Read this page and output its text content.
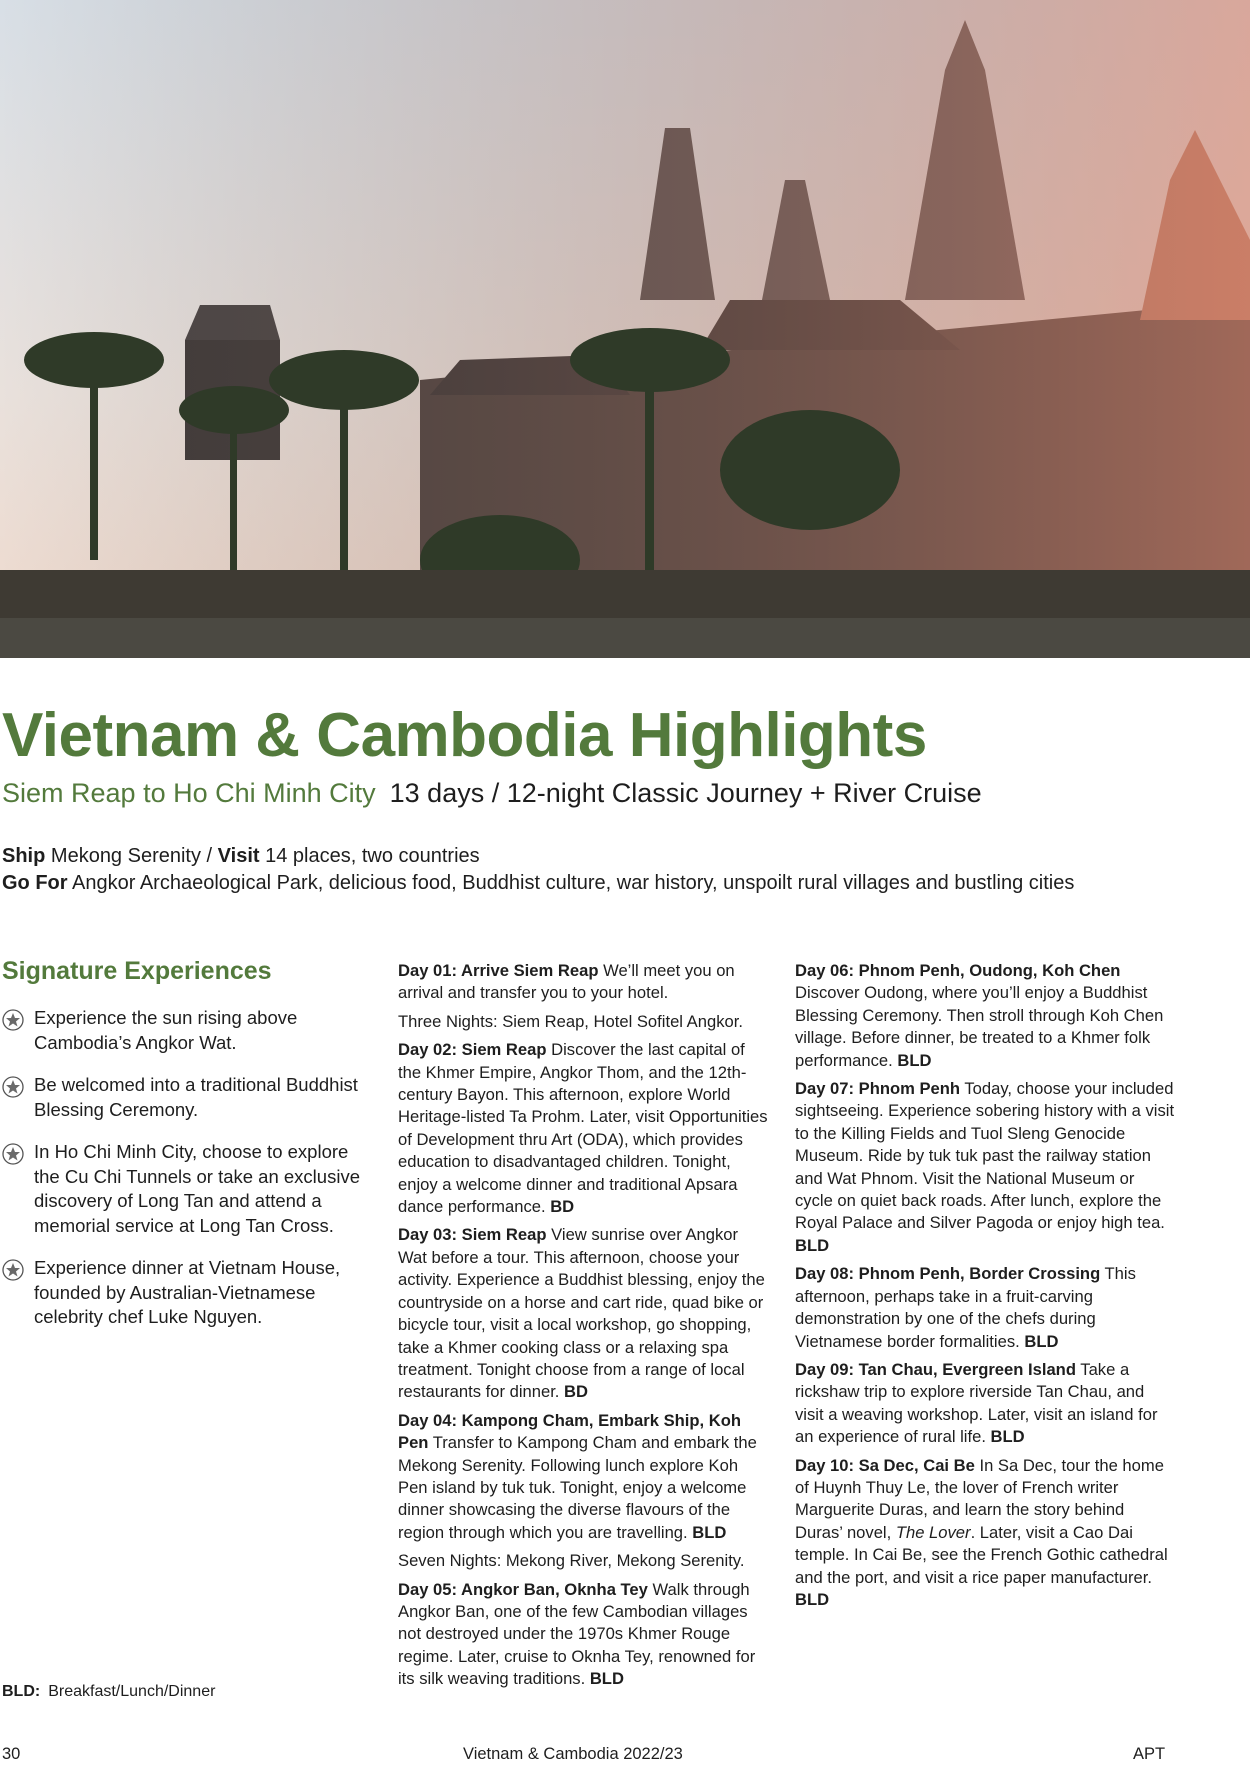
Vietnam & Cambodia Highlights
Siem Reap to Ho Chi Minh City 13 days / 12-night Classic Journey + River Cruise
Ship Mekong Serenity / Visit 14 places, two countries
Go For Angkor Archaeological Park, delicious food, Buddhist culture, war history, unspoilt rural villages and bustling cities
Signature Experiences
Experience the sun rising above Cambodia’s Angkor Wat.
Be welcomed into a traditional Buddhist Blessing Ceremony.
In Ho Chi Minh City, choose to explore the Cu Chi Tunnels or take an exclusive discovery of Long Tan and attend a memorial service at Long Tan Cross.
Experience dinner at Vietnam House, founded by Australian-Vietnamese celebrity chef Luke Nguyen.

Day 01: Arrive Siem Reap We’ll meet you on arrival and transfer you to your hotel.

Three Nights: Siem Reap, Hotel Sofitel Angkor.

Day 02: Siem Reap Discover the last capital of the Khmer Empire, Angkor Thom, and the 12th-century Bayon. This afternoon, explore World Heritage-listed Ta Prohm. Later, visit Opportunities of Development thru Art (ODA), which provides education to disadvantaged children. Tonight, enjoy a welcome dinner and traditional Apsara dance performance. BD

Day 03: Siem Reap View sunrise over Angkor Wat before a tour. This afternoon, choose your activity. Experience a Buddhist blessing, enjoy the countryside on a horse and cart ride, quad bike or bicycle tour, visit a local workshop, go shopping, take a Khmer cooking class or a relaxing spa treatment. Tonight choose from a range of local restaurants for dinner. BD

Day 04: Kampong Cham, Embark Ship, Koh Pen Transfer to Kampong Cham and embark the Mekong Serenity. Following lunch explore Koh Pen island by tuk tuk. Tonight, enjoy a welcome dinner showcasing the diverse flavours of the region through which you are travelling. BLD

Seven Nights: Mekong River, Mekong Serenity.

Day 05: Angkor Ban, Oknha Tey Walk through Angkor Ban, one of the few Cambodian villages not destroyed under the 1970s Khmer Rouge regime. Later, cruise to Oknha Tey, renowned for its silk weaving traditions. BLD

Day 06: Phnom Penh, Oudong, Koh Chen Discover Oudong, where you’ll enjoy a Buddhist Blessing Ceremony. Then stroll through Koh Chen village. Before dinner, be treated to a Khmer folk performance. BLD

Day 07: Phnom Penh Today, choose your included sightseeing. Experience sobering history with a visit to the Killing Fields and Tuol Sleng Genocide Museum. Ride by tuk tuk past the railway station and Wat Phnom. Visit the National Museum or cycle on quiet back roads. After lunch, explore the Royal Palace and Silver Pagoda or enjoy high tea. BLD

Day 08: Phnom Penh, Border Crossing This afternoon, perhaps take in a fruit-carving demonstration by one of the chefs during Vietnamese border formalities. BLD

Day 09: Tan Chau, Evergreen Island Take a rickshaw trip to explore riverside Tan Chau, and visit a weaving workshop. Later, visit an island for an experience of rural life. BLD

Day 10: Sa Dec, Cai Be In Sa Dec, tour the home of Huynh Thuy Le, the lover of French writer Marguerite Duras, and learn the story behind Duras’ novel, The Lover. Later, visit a Cao Dai temple. In Cai Be, see the French Gothic cathedral and the port, and visit a rice paper manufacturer. BLD

BLD: Breakfast/Lunch/Dinner
30	Vietnam & Cambodia 2022/23	APT
